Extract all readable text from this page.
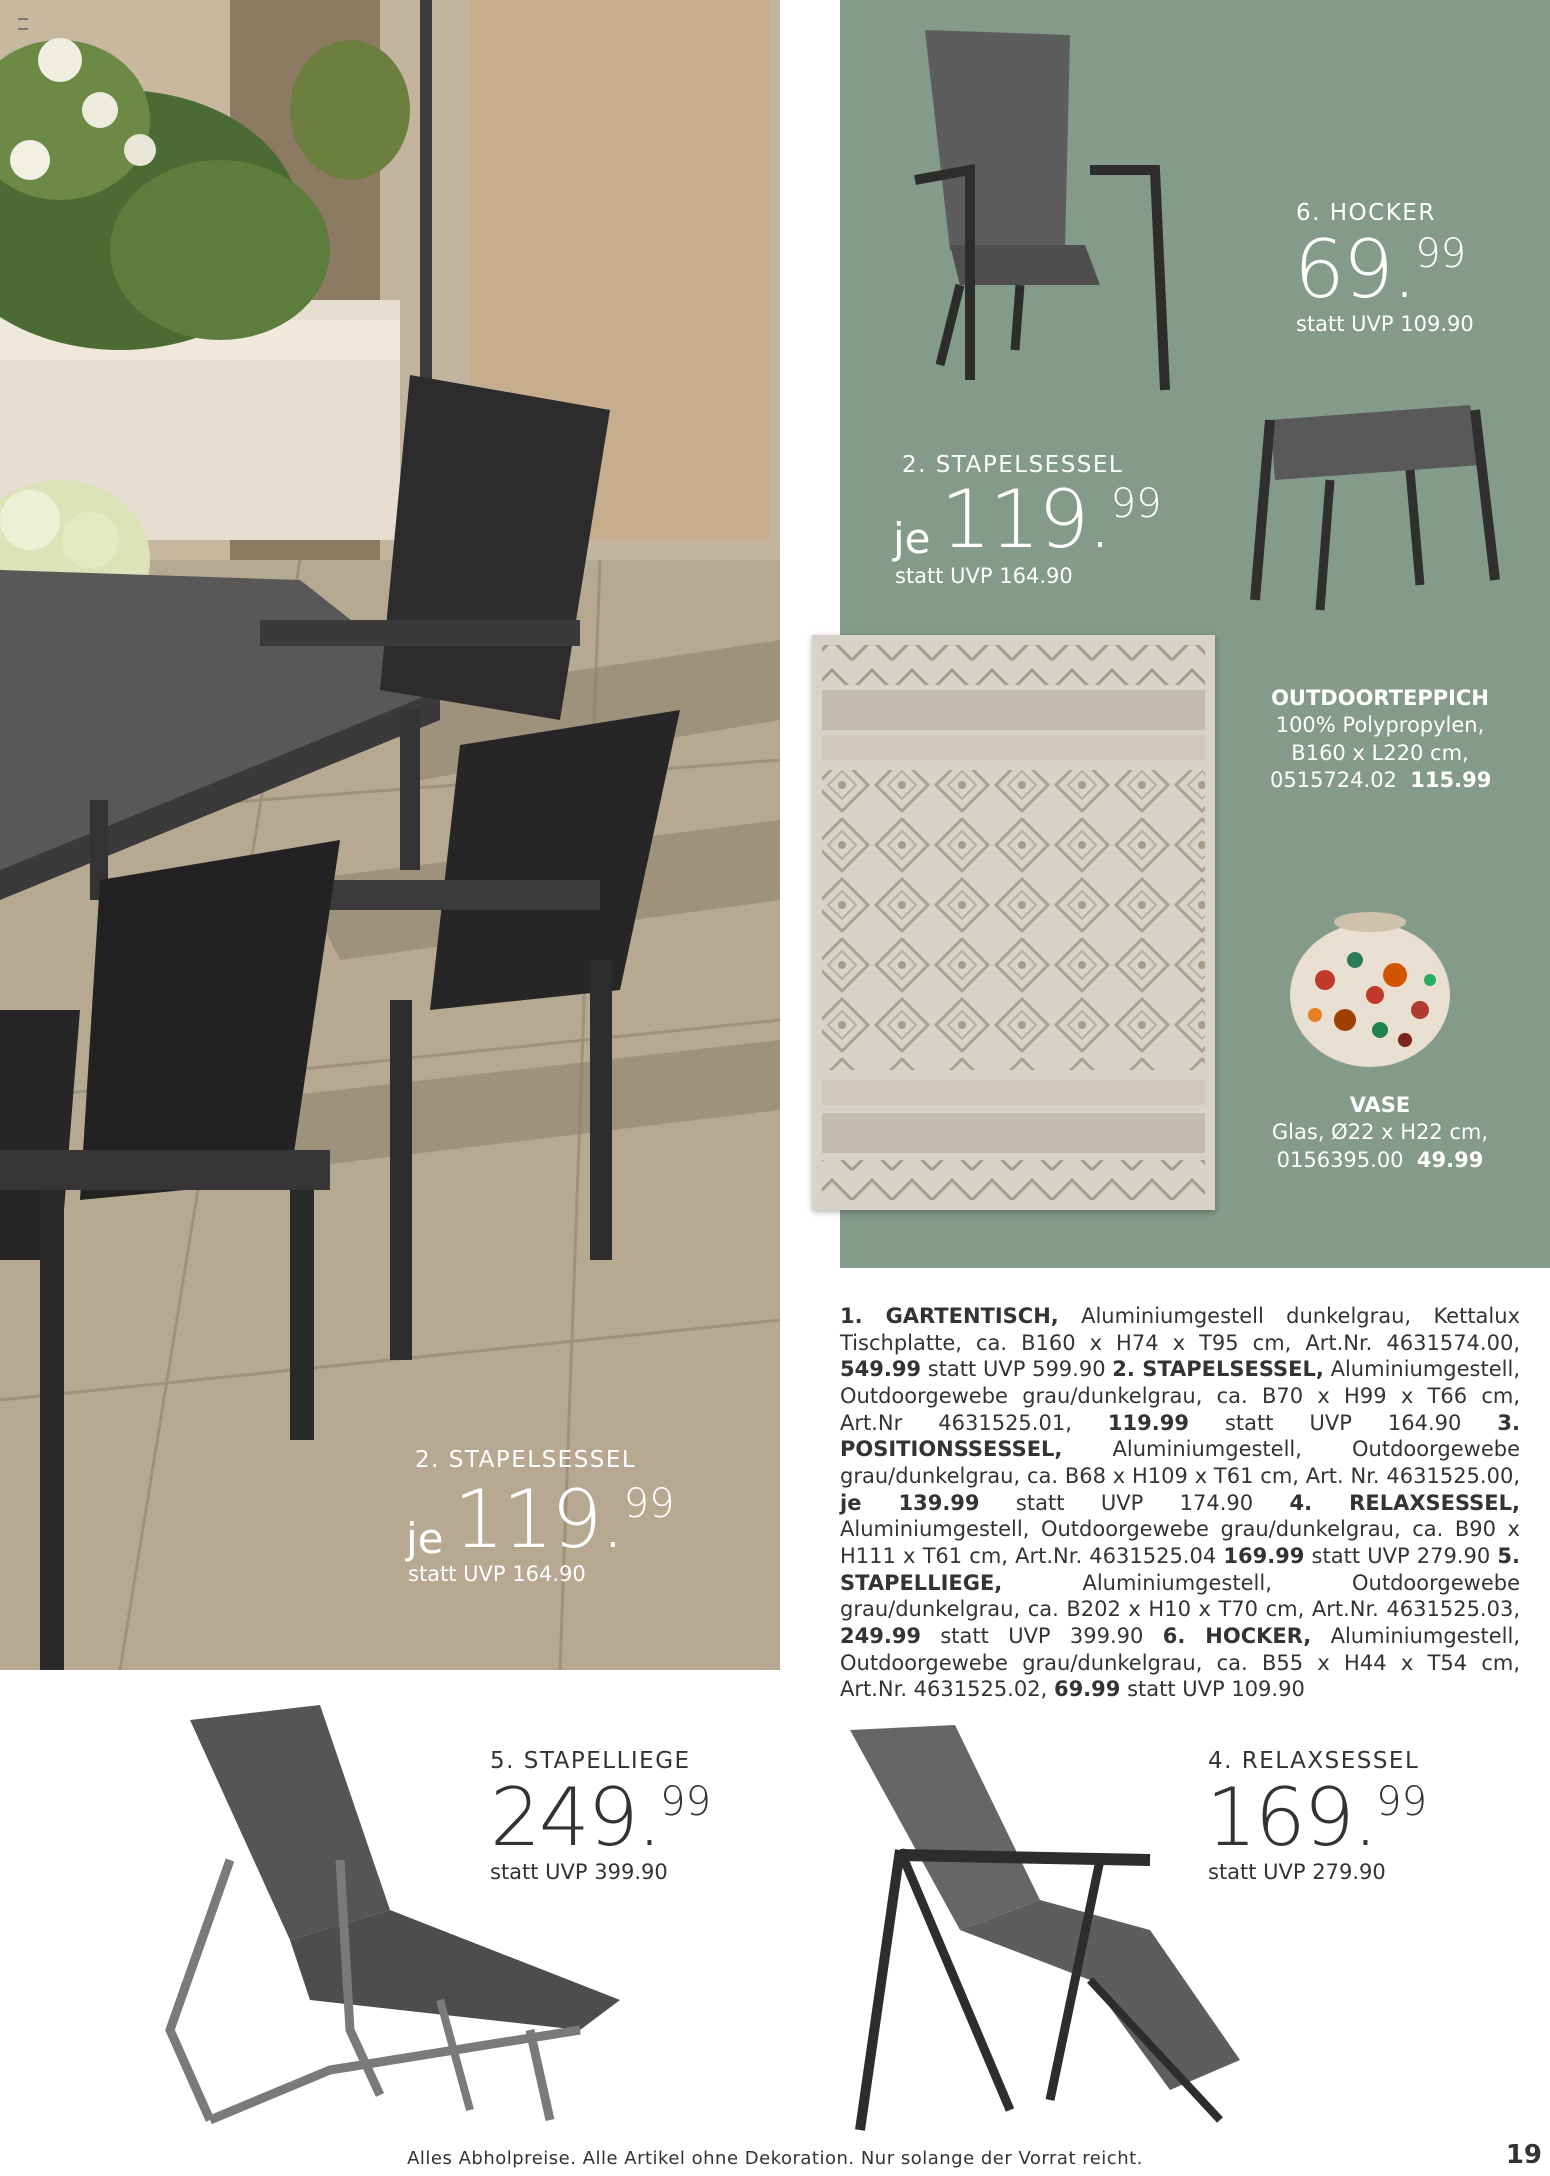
2. STAPELSESSEL
je 119. 99
statt UVP 164.90
6. HOCKER
69. 99
statt UVP 109.90
2. STAPELSESSEL
je 119. 99
statt UVP 164.90
OUTDOORTEPPICH
100% Polypropylen,
B160 x L220 cm,
0515724.02 115.99
VASE
Glas, Ø22 x H22 cm,
0156395.00 49.99
1. GARTENTISCH, Aluminiumgestell dunkelgrau, Kettalux Tischplatte, ca. B160 x H74 x T95 cm, Art.Nr. 4631574.00, 549.99 statt UVP 599.90 2. STAPELSESSEL, Aluminiumgestell, Outdoorgewebe grau/dunkelgrau, ca. B70 x H99 x T66 cm, Art.Nr 4631525.01, 119.99 statt UVP 164.90 3. POSITIONSSESSEL, Aluminiumgestell, Outdoorgewebe grau/dunkelgrau, ca. B68 x H109 x T61 cm, Art. Nr. 4631525.00, je 139.99 statt UVP 174.90 4. RELAXSESSEL, Aluminiumgestell, Outdoorgewebe grau/dunkelgrau, ca. B90 x H111 x T61 cm, Art.Nr. 4631525.04 169.99 statt UVP 279.90 5. STAPELLIEGE, Aluminiumgestell, Outdoorgewebe grau/dunkelgrau, ca. B202 x H10 x T70 cm, Art.Nr. 4631525.03, 249.99 statt UVP 399.90 6. HOCKER, Aluminiumgestell, Outdoorgewebe grau/dunkelgrau, ca. B55 x H44 x T54 cm, Art.Nr. 4631525.02, 69.99 statt UVP 109.90
5. STAPELLIEGE
249. 99
statt UVP 399.90
4. RELAXSESSEL
169. 99
statt UVP 279.90
Alles Abholpreise. Alle Artikel ohne Dekoration. Nur solange der Vorrat reicht.	19
